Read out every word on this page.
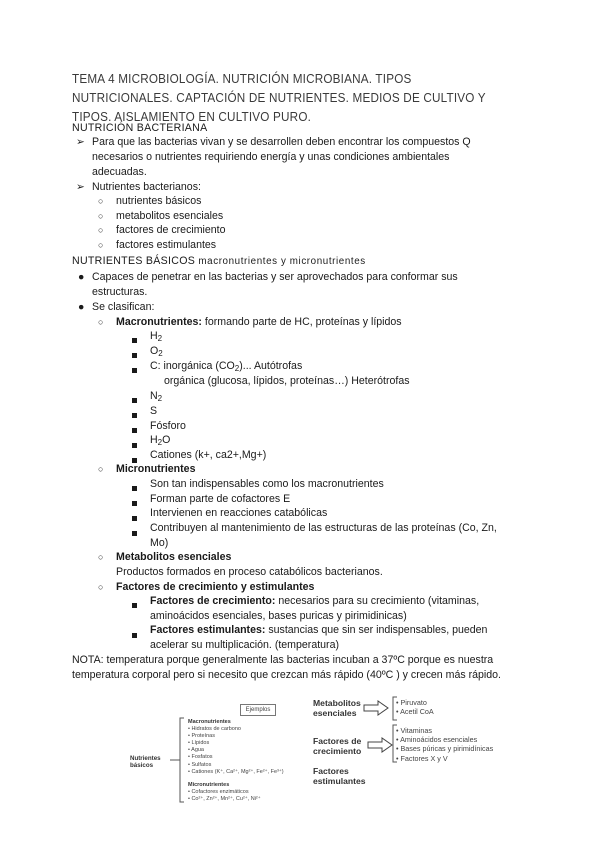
TEMA 4 MICROBIOLOGÍA. NUTRICIÓN MICROBIANA. TIPOS NUTRICIONALES. CAPTACIÓN DE NUTRIENTES. MEDIOS DE CULTIVO Y TIPOS. AISLAMIENTO EN CULTIVO PURO.
NUTRICIÓN BACTERIANA
➢ Para que las bacterias vivan y se desarrollen deben encontrar los compuestos Q
necesarios o nutrientes requiriendo energía y unas condiciones ambientales
adecuadas.
➢ Nutrientes bacterianos:
○ nutrientes básicos
○ metabolitos esenciales
○ factores de crecimiento
○ factores estimulantes
NUTRIENTES BÁSICOS macronutrientes y micronutrientes
● Capaces de penetrar en las bacterias y ser aprovechados para conformar sus
estructuras.
● Se clasifican:
○ Macronutrientes: formando parte de HC, proteínas y lípidos
$H_2$
$O_2$
C: inorgánica $(CO_2)$... Autótrofas
orgánica (glucosa, lípidos, proteínas…) Heterótrofas
$N_2$
S
Fósforo
$H_2O$
Cationes (k+, ca2+,Mg+)
○ Micronutrientes
Son tan indispensables como los macronutrientes
Forman parte de cofactores E
Intervienen en reacciones catabólicas
Contribuyen al mantenimiento de las estructuras de las proteínas (Co, Zn,
Mo)
○ Metabolitos esenciales
Productos formados en proceso catabólicos bacterianos.
○ Factores de crecimiento y estimulantes
Factores de crecimiento: necesarios para su crecimiento (vitaminas,
aminoácidos esenciales, bases puricas y pirimidinicas)
Factores estimulantes: sustancias que sin ser indispensables, pueden
acelerar su multiplicación. (temperatura)
NOTA: temperatura porque generalmente las bacterias incuban a 37ºC porque es nuestra
temperatura corporal pero si necesito que crezcan más rápido (40ºC ) y crecen más rápido.
Ejemplos
Nutrientes
básicos
Macronutrientes
• Hidratos de carbono
• Proteínas
• Lípidos
• Agua
• Fosfatos
• Sulfatos
• Cationes (K⁺, Ca²⁺, Mg²⁺, Fe²⁺, Fe³⁺)
Micronutrientes
• Cofactores enzimáticos
• Co²⁺, Zn²⁺, Mn²⁺, Cu²⁺, Ni²⁺
Metabolitos
esenciales
• Piruvato
• Acetil CoA
Factores de
crecimiento
• Vitaminas
• Aminoácidos esenciales
• Bases púricas y pirimidínicas
• Factores X y V
Factores
estimulantes
